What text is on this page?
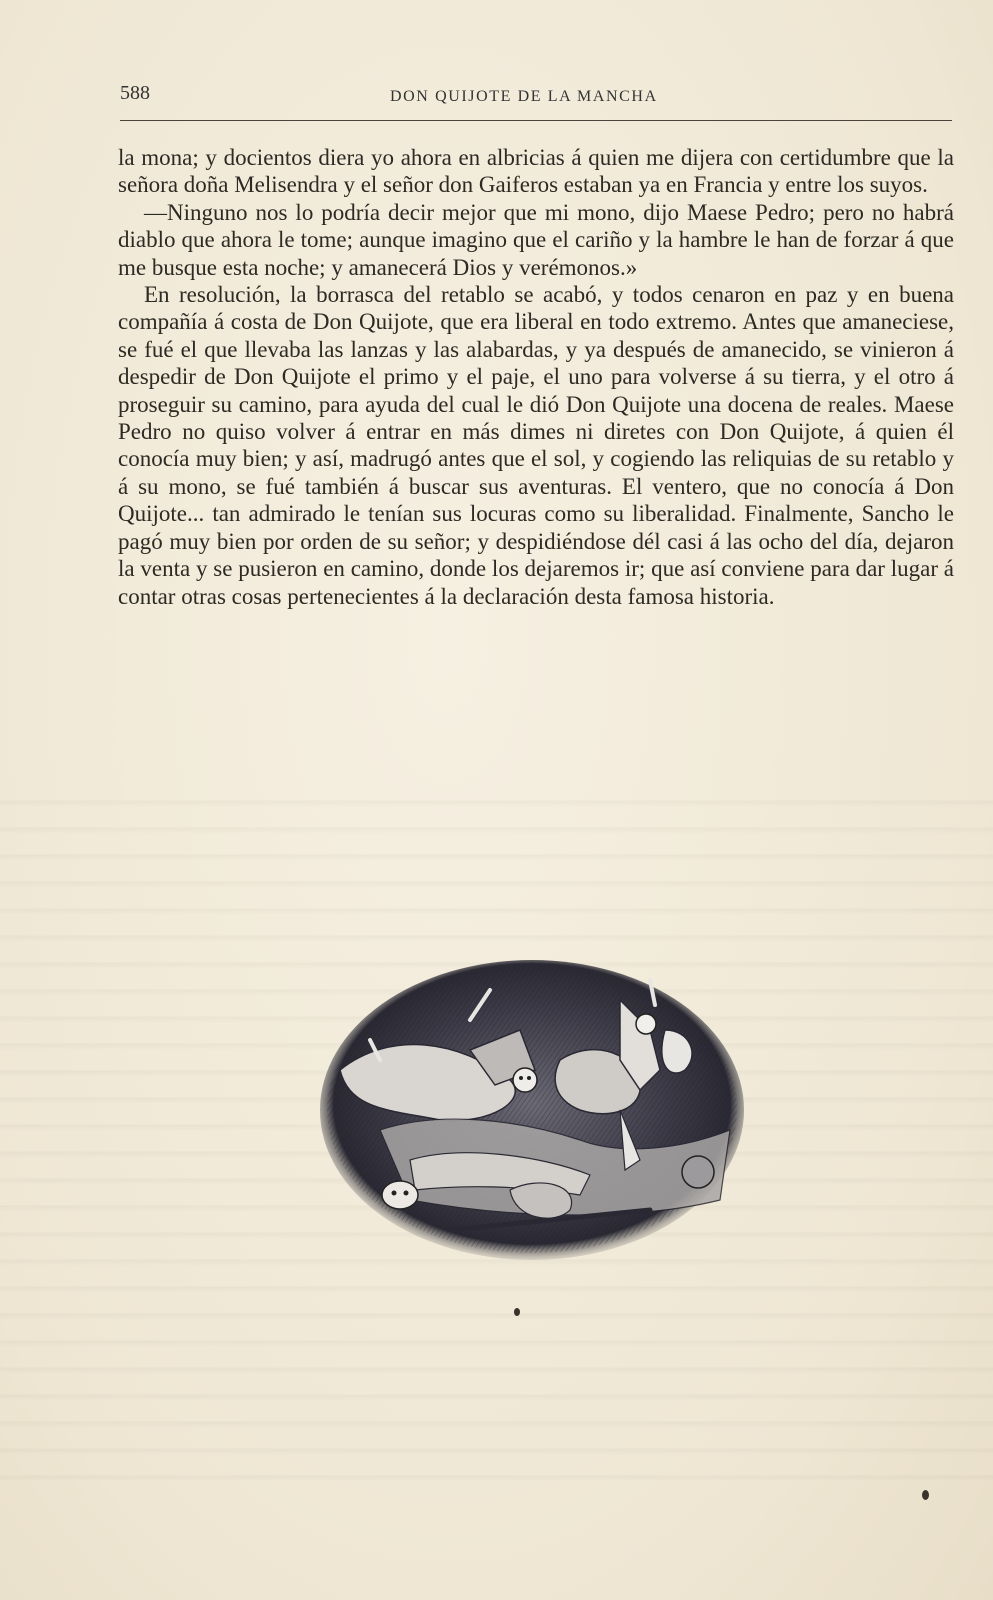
588	DON QUIJOTE DE LA MANCHA

la mona; y docientos diera yo ahora en albricias á quien me dijera con certidumbre que la señora doña Melisendra y el señor don Gaiferos estaban ya en Francia y entre los suyos.

—Ninguno nos lo podría decir mejor que mi mono, dijo Maese Pedro; pero no habrá diablo que ahora le tome; aunque imagino que el cariño y la hambre le han de forzar á que me busque esta noche; y amanecerá Dios y verémonos.»

En resolución, la borrasca del retablo se acabó, y todos cenaron en paz y en buena compañía á costa de Don Quijote, que era liberal en todo extremo. Antes que amaneciese, se fué el que llevaba las lanzas y las alabardas, y ya después de amanecido, se vinieron á despedir de Don Quijote el primo y el paje, el uno para volverse á su tierra, y el otro á proseguir su camino, para ayuda del cual le dió Don Quijote una docena de reales. Maese Pedro no quiso volver á entrar en más dimes ni diretes con Don Quijote, á quien él conocía muy bien; y así, madrugó antes que el sol, y cogiendo las reliquias de su retablo y á su mono, se fué también á buscar sus aventuras. El ventero, que no conocía á Don Quijote... tan admirado le tenían sus locuras como su liberalidad. Finalmente, Sancho le pagó muy bien por orden de su señor; y despidiéndose dél casi á las ocho del día, dejaron la venta y se pusieron en camino, donde los dejaremos ir; que así conviene para dar lugar á contar otras cosas pertenecientes á la declaración desta famosa historia.
